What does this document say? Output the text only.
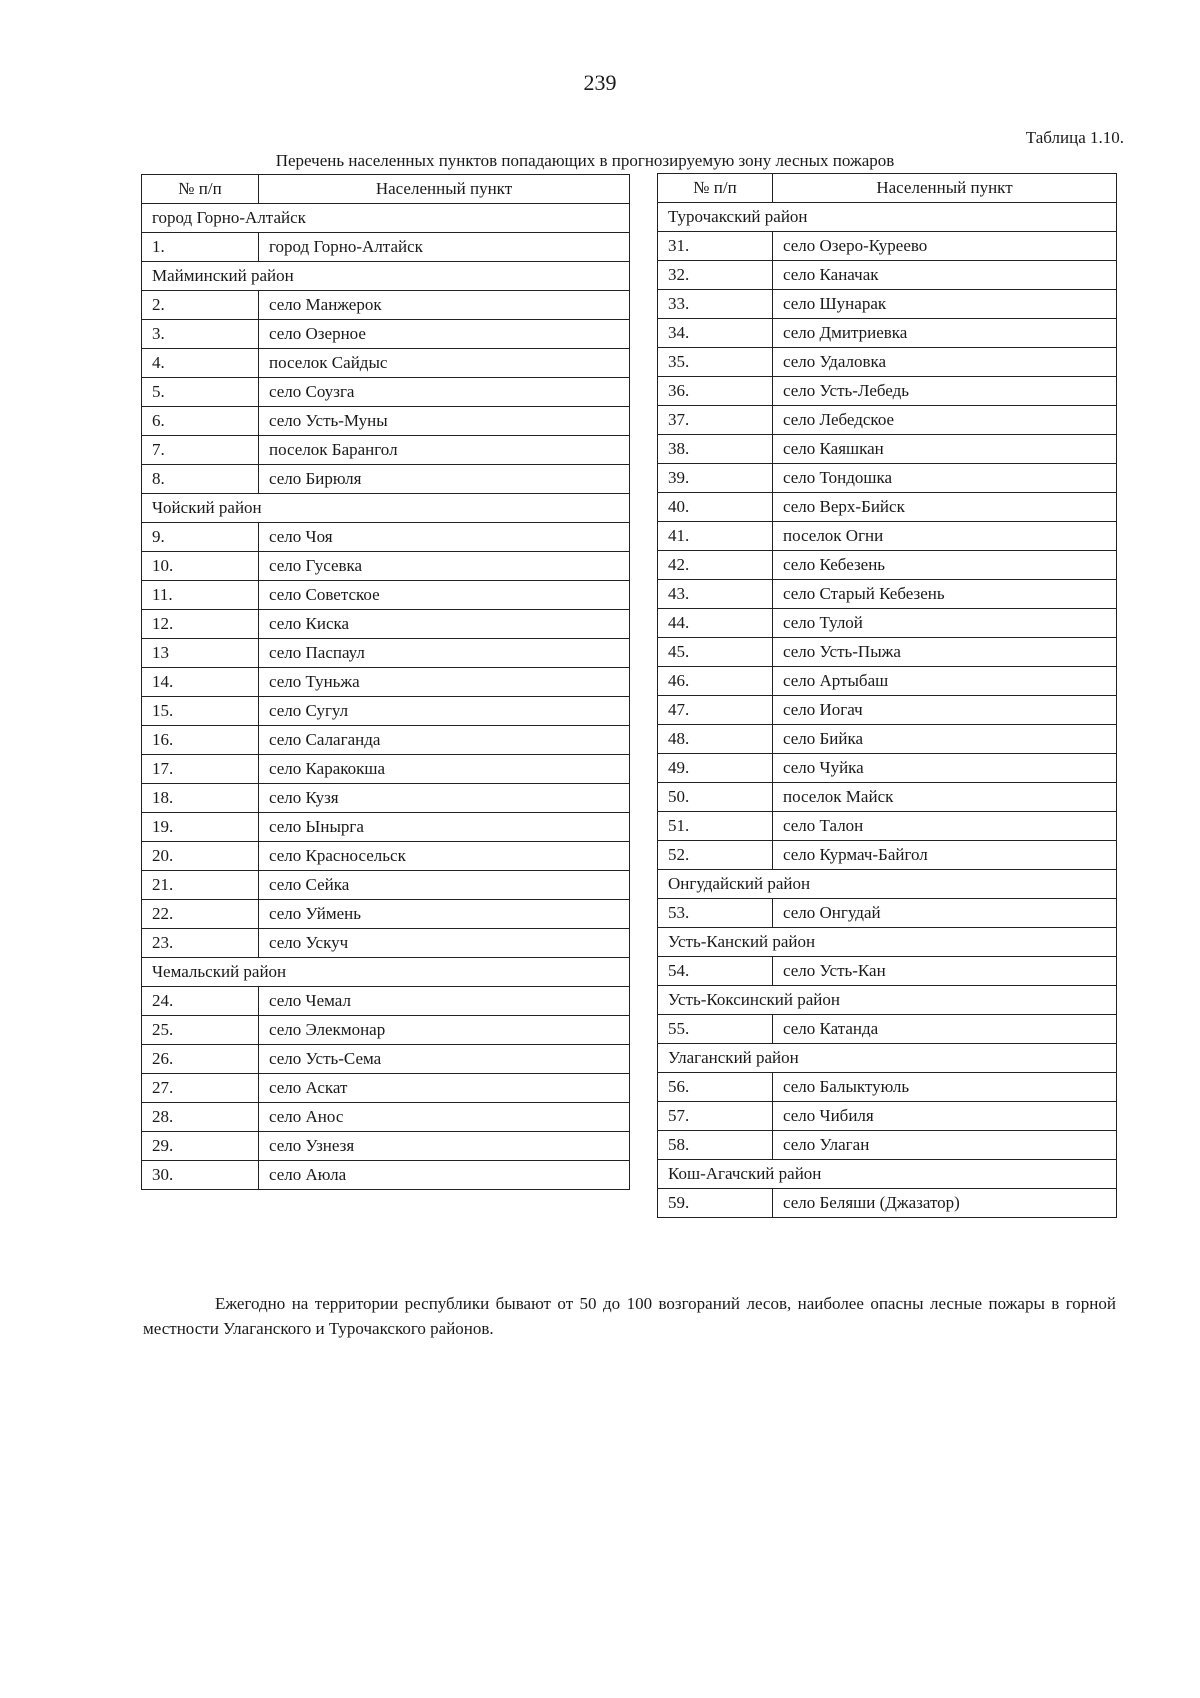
239
Таблица 1.10.
Перечень населенных пунктов попадающих в прогнозируемую зону лесных пожаров
№ п/п	Населенный пункт
город Горно-Алтайск	
1.	город Горно-Алтайск
Майминский район	
2.	село Манжерок
3.	село Озерное
4.	поселок Сайдыс
5.	село Соузга
6.	село Усть-Муны
7.	поселок Барангол
8.	село Бирюля
Чойский район	
9.	село Чоя
10.	село Гусевка
11.	село Советское
12.	село Киска
13	село Паспаул
14.	село Туньжа
15.	село Сугул
16.	село Салаганда
17.	село Каракокша
18.	село Кузя
19.	село Ыныргa
20.	село Красносельск
21.	село Сейка
22.	село Уймень
23.	село Ускуч
Чемальский район	
24.	село Чемал
25.	село Элекмонар
26.	село Усть-Сема
27.	село Аскат
28.	село Анос
29.	село Узнезя
30.	село Аюла
№ п/п	Населенный пункт
Турочакский район	
31.	село Озеро-Куреево
32.	село Каначак
33.	село Шунарак
34.	село Дмитриевка
35.	село Удаловка
36.	село Усть-Лебедь
37.	село Лебедское
38.	село Каяшкан
39.	село Тондошка
40.	село Верх-Бийск
41.	поселок Огни
42.	село Кебезень
43.	село Старый Кебезень
44.	село Тулой
45.	село Усть-Пыжа
46.	село Артыбаш
47.	село Иогач
48.	село Бийка
49.	село Чуйка
50.	поселок Майск
51.	село Талон
52.	село Курмач-Байгол
Онгудайский район	
53.	село Онгудай
Усть-Канский район	
54.	село Усть-Кан
Усть-Коксинский район	
55.	село Катанда
Улаганский район	
56.	село Балыктуюль
57.	село Чибиля
58.	село Улаган
Кош-Агачский район	
59.	село Беляши (Джазатор)
Ежегодно на территории республики бывают от 50 до 100 возгораний лесов, наиболее опасны лесные пожары в горной местности Улаганского и Турочакского районов.
